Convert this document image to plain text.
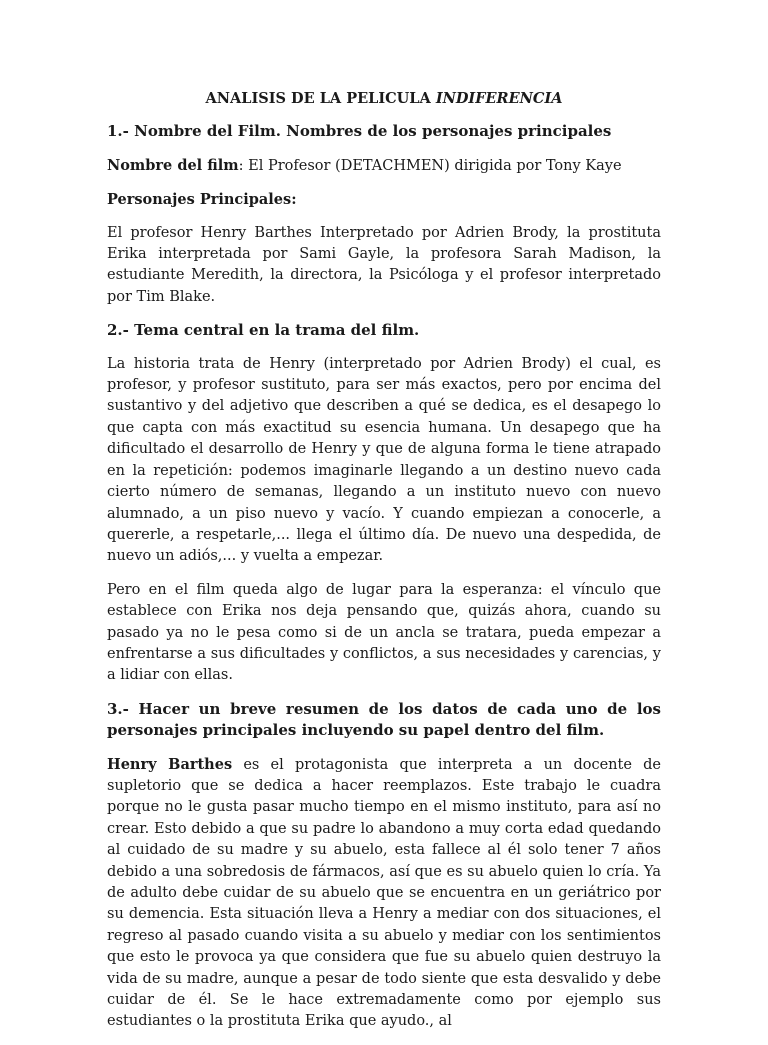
ANALISIS DE LA PELICULA INDIFERENCIA
1.- Nombre del Film. Nombres de los personajes principales

Nombre del film: El Profesor (DETACHMEN) dirigida por Tony Kaye

Personajes Principales:

El profesor Henry Barthes Interpretado por Adrien Brody, la prostituta Erika interpretada por Sami Gayle, la profesora Sarah Madison, la estudiante Meredith, la directora, la Psicóloga y el profesor interpretado por Tim Blake.

2.- Tema central en la trama del film.

La historia trata de Henry (interpretado por Adrien Brody) el cual, es profesor, y profesor sustituto, para ser más exactos, pero por encima del sustantivo y del adjetivo que describen a qué se dedica, es el desapego lo que capta con más exactitud su esencia humana. Un desapego que ha dificultado el desarrollo de Henry y que de alguna forma le tiene atrapado en la repetición: podemos imaginarle llegando a un destino nuevo cada cierto número de semanas, llegando a un instituto nuevo con nuevo alumnado, a un piso nuevo y vacío. Y cuando empiezan a conocerle, a quererle, a respetarle,... llega el último día. De nuevo una despedida, de nuevo un adiós,... y vuelta a empezar.

Pero en el film queda algo de lugar para la esperanza: el vínculo que establece con Erika nos deja pensando que, quizás ahora, cuando su pasado ya no le pesa como si de un ancla se tratara, pueda empezar a enfrentarse a sus dificultades y conflictos, a sus necesidades y carencias, y a lidiar con ellas.

3.- Hacer un breve resumen de los datos de cada uno de los personajes principales incluyendo su papel dentro del film.

Henry Barthes es el protagonista que interpreta a un docente de supletorio que se dedica a hacer reemplazos. Este trabajo le cuadra porque no le gusta pasar mucho tiempo en el mismo instituto, para así no crear. Esto debido a que su padre lo abandono a muy corta edad quedando al cuidado de su madre y su abuelo, esta fallece al él solo tener 7 años debido a una sobredosis de fármacos, así que es su abuelo quien lo cría. Ya de adulto debe cuidar de su abuelo que se encuentra en un geriátrico por su demencia. Esta situación lleva a Henry a mediar con dos situaciones, el regreso al pasado cuando visita a su abuelo y mediar con los sentimientos que esto le provoca ya que considera que fue su abuelo quien destruyo la vida de su madre, aunque a pesar de todo siente que esta desvalido y debe cuidar de él. Se le hace extremadamente como por ejemplo sus estudiantes o la prostituta Erika que ayudo., al
